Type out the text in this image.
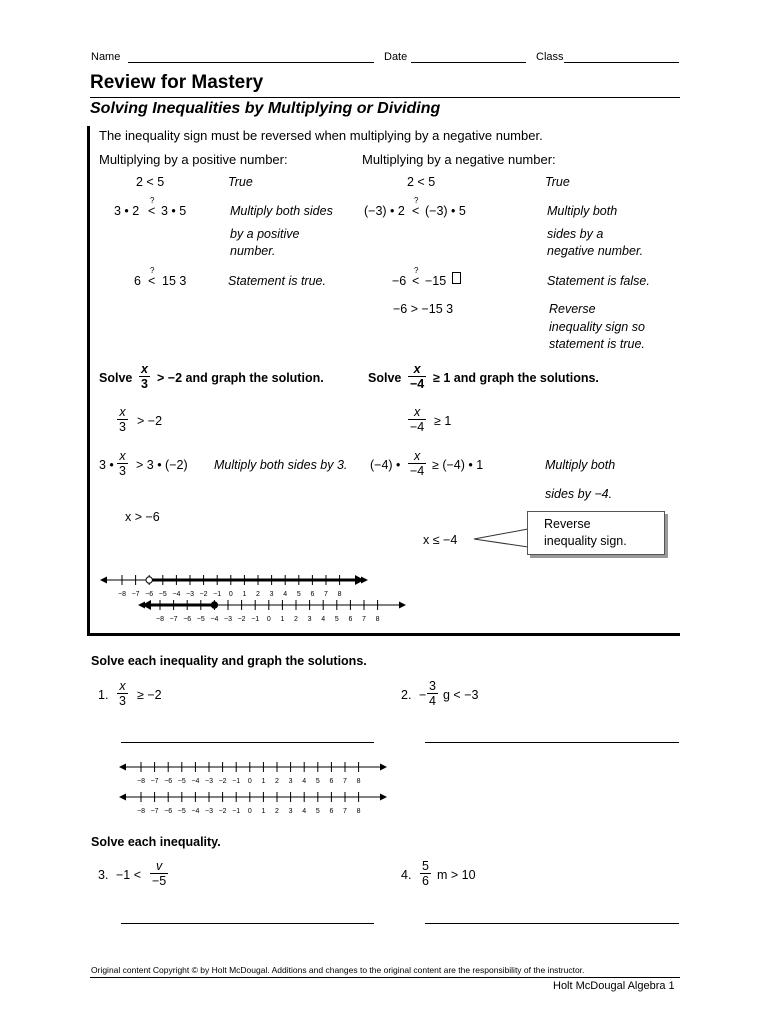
Name	Date	Class
Review for Mastery
Solving Inequalities by Multiplying or Dividing
The inequality sign must be reversed when multiplying by a negative number.
Multiplying by a positive number:
2 < 5	True
3 • 2
?
< 3 • 5	Multiply both sides
by a positive
number.
6
?
< 15 3	Statement is true.
Multiplying by a negative number:
2 < 5	True
(−3) • 2
?
< (−3) • 5	Multiply both
sides by a
negative number.
−6
?
< −15	Statement is false.
−6 > −15 3	Reverse
inequality sign so
statement is true.
Solve $\frac{x}{3} > -2$ and graph the solution.
$\frac{x}{3} > -2$
3 • $\frac{x}{3} > 3$ • (−2) Multiply both sides by 3.
x > −6
Solve $\frac{x}{-4} \ge 1$ and graph the solutions.
$\frac{x}{-4} \ge 1$
(−4) • $\frac{x}{-4} \ge (-4)$ • 1	Multiply both
sides by −4.
x ≤ −4
Reverse
inequality sign.
−8 −7 −6 −5 −4 −3 −2 −1 0 1 2 3 4 5 6 7 8
−8 −7 −6 −5 −4 −3 −2 −1 0 1 2 3 4 5 6 7 8
Solve each inequality and graph the solutions.
1. $\frac{x}{3} \ge -2$	2. − $\frac{3}{4}$ g < −3
−8 −7 −6 −5 −4 −3 −2 −1 0 1 2 3 4 5 6 7 8
−8 −7 −6 −5 −4 −3 −2 −1 0 1 2 3 4 5 6 7 8
Solve each inequality.
3. $-1 < \frac{v}{-5}$	4. $\frac{5}{6}$ m > 10
Original content Copyright © by Holt McDougal. Additions and changes to the original content are the responsibility of the instructor.
Holt McDougal Algebra 1
